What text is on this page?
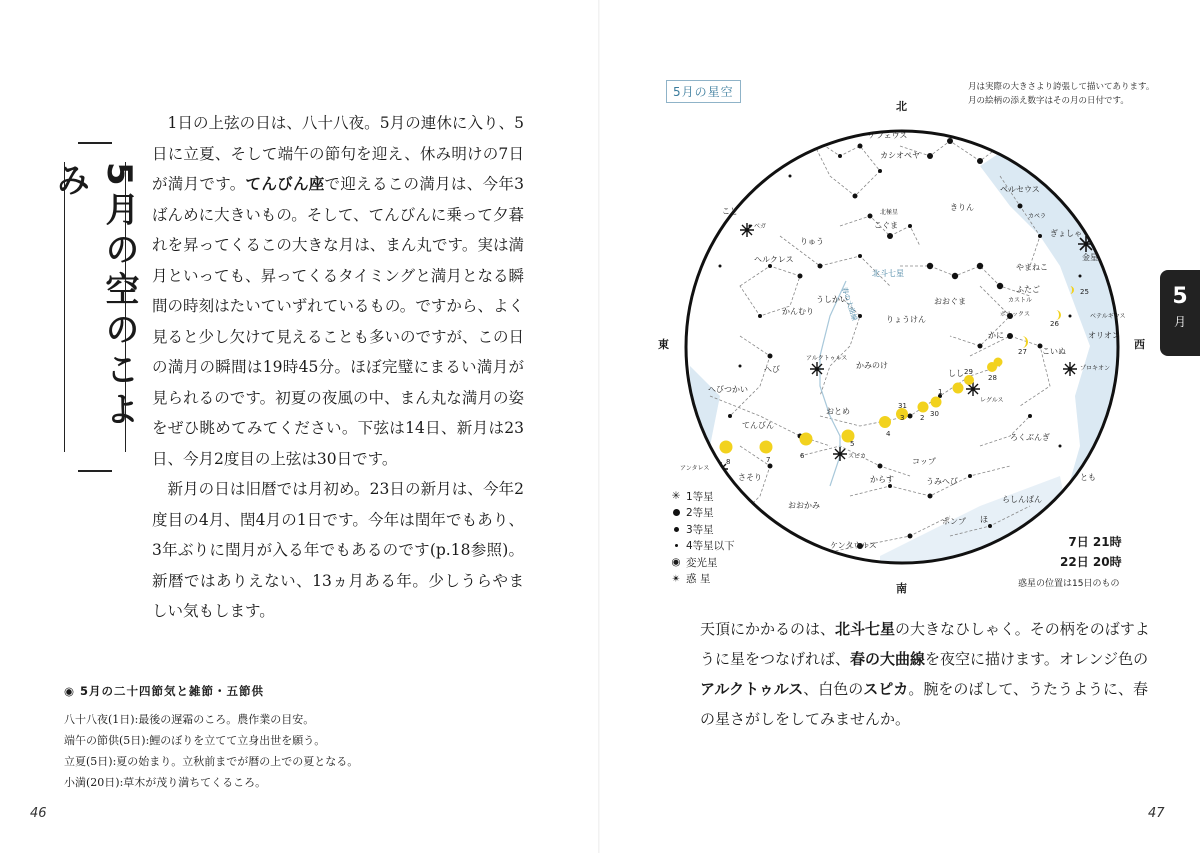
5月の空のこよみ

1日の上弦の日は、八十八夜。5月の連休に入り、5日に立夏、そして端午の節句を迎え、休み明けの7日が満月です。てんびん座で迎えるこの満月は、今年3ばんめに大きいもの。そして、てんびんに乗って夕暮れを昇ってくるこの大きな月は、まん丸です。実は満月といっても、昇ってくるタイミングと満月となる瞬間の時刻はたいていずれているもの。ですから、よく見ると少し欠けて見えることも多いのですが、この日の満月の瞬間は19時45分。ほぼ完璧にまるい満月が見られるのです。初夏の夜風の中、まん丸な満月の姿をぜひ眺めてみてください。下弦は14日、新月は23日、今月2度目の上弦は30日です。

新月の日は旧暦では月初め。23日の新月は、今年2度目の4月、閏4月の1日です。今年は閏年でもあり、3年ぶりに閏月が入る年でもあるのです(p.18参照)。新暦ではありえない、13ヵ月ある年。少しうらやましい気もします。

◉ 5月の二十四節気と雑節・五節供
八十八夜(1日):最後の遅霜のころ。農作業の目安。
端午の節供(5日):鯉のぼりを立てて立身出世を願う。
立夏(5日):夏の始まり。立秋前までが暦の上での夏となる。
小満(20日):草木が茂り満ちてくるころ。
46
5月の星空	月は実際の大きさより誇張して描いてあります。
月の絵柄の添え数字はその月の日付です。
北
南
東	西
ケフェウス
カシオペヤ
ペルセウス
きりん
こぐま
りゅう
こと
ヘルクレス
ぎょしゃ
やまねこ
ふたご
北斗七星
おおぐま
うしかい
かんむり
りょうけん
かみのけ
へび
へびつかい
おとめ
しし
かに
こいぬ
てんびん
さそり	からす
コップ
うみへび
ろくぶんぎ
らしんばん
ポンプ ほ
おおかみ
ケンタウルス
とも
北極星
ベガ
カペラ
カストル
ポルックス
アルクトゥルス
スピカ
アンタレス
レグルス
プロキオン
ベテルギウス
金星
オリオン
春の大曲線
8	7	6
5
4
3 2
31
30
1
29
28
27
26
25
✳ 1等星
2等星
3等星
4等星以下
◉ 変光星
✴ 惑 星
7日 21時
22日 20時
惑星の位置は15日のもの
天頂にかかるのは、北斗七星の大きなひしゃく。その柄をのばすように星をつなげれば、春の大曲線を夜空に描けます。オレンジ色のアルクトゥルス、白色のスピカ。腕をのばして、うたうように、春の星さがしをしてみませんか。
5
月
47
